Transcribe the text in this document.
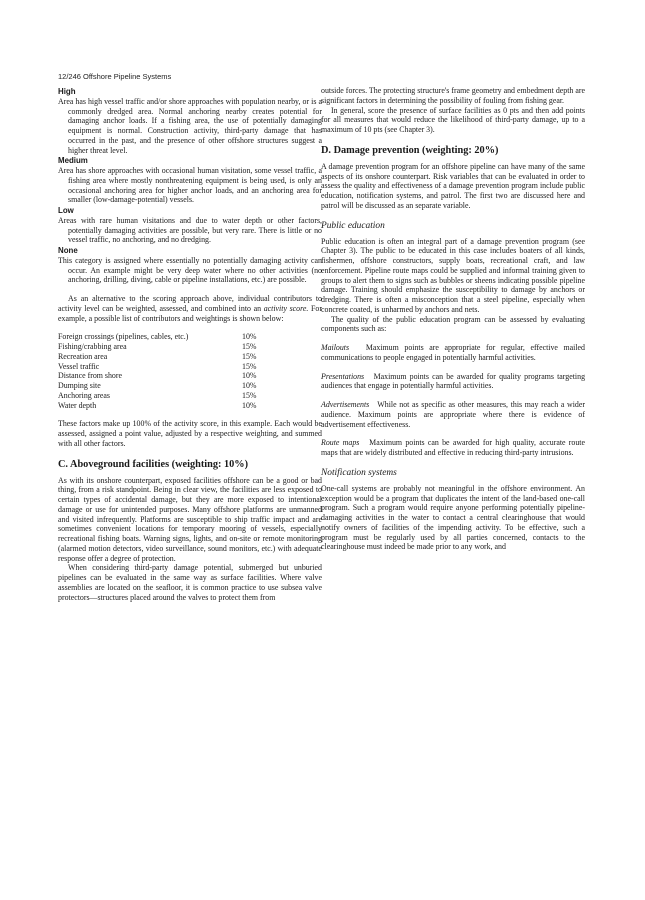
12/246 Offshore Pipeline Systems
High

Area has high vessel traffic and/or shore approaches with population nearby, or is a commonly dredged area. Normal anchoring nearby creates potential for damaging anchor loads. If a fishing area, the use of potentially damaging equipment is normal. Construction activity, third-party damage that has occurred in the past, and the presence of other offshore structures suggest a higher threat level.

Medium

Area has shore approaches with occasional human visitation, some vessel traffic, a fishing area where mostly nonthreatening equipment is being used, is only an occasional anchoring area for higher anchor loads, and an anchoring area for smaller (low-damage-potential) vessels.

Low

Areas with rare human visitations and due to water depth or other factors, potentially damaging activities are possible, but very rare. There is little or no vessel traffic, no anchoring, and no dredging.

None

This category is assigned where essentially no potentially damaging activity can occur. An example might be very deep water where no other activities (no anchoring, drilling, diving, cable or pipeline installations, etc.) are possible.

As an alternative to the scoring approach above, individual contributors to activity level can be weighted, assessed, and combined into an activity score. For example, a possible list of contributors and weightings is shown below:

Foreign crossings (pipelines, cables, etc.)	10%
Fishing/crabbing area	15%
Recreation area	15%
Vessel traffic	15%
Distance from shore	10%
Dumping site	10%
Anchoring areas	15%
Water depth	10%

These factors make up 100% of the activity score, in this example. Each would be assessed, assigned a point value, adjusted by a respective weighting, and summed with all other factors.

C. Aboveground facilities (weighting: 10%)

As with its onshore counterpart, exposed facilities offshore can be a good or bad thing, from a risk standpoint. Being in clear view, the facilities are less exposed to certain types of accidental damage, but they are more exposed to intentional damage or use for unintended purposes. Many offshore platforms are unmanned and visited infrequently. Platforms are susceptible to ship traffic impact and are sometimes convenient locations for temporary mooring of vessels, especially recreational fishing boats. Warning signs, lights, and on-site or remote monitoring (alarmed motion detectors, video surveillance, sound monitors, etc.) with adequate response offer a degree of protection.

When considering third-party damage potential, submerged but unburied pipelines can be evaluated in the same way as surface facilities. Where valve assemblies are located on the seafloor, it is common practice to use subsea valve protectors—structures placed around the valves to protect them from

outside forces. The protecting structure's frame geometry and embedment depth are significant factors in determining the possibility of fouling from fishing gear.

In general, score the presence of surface facilities as 0 pts and then add points for all measures that would reduce the likelihood of third-party damage, up to a maximum of 10 pts (see Chapter 3).

D. Damage prevention (weighting: 20%)

A damage prevention program for an offshore pipeline can have many of the same aspects of its onshore counterpart. Risk variables that can be evaluated in order to assess the quality and effectiveness of a damage prevention program include public education, notification systems, and patrol. The first two are discussed here and patrol will be discussed as an separate variable.

Public education

Public education is often an integral part of a damage prevention program (see Chapter 3). The public to be educated in this case includes boaters of all kinds, fishermen, offshore constructors, supply boats, recreational craft, and law enforcement. Pipeline route maps could be supplied and informal training given to groups to alert them to signs such as bubbles or sheens indicating possible pipeline damage. Training should emphasize the susceptibility to damage by anchors or dredging. There is often a misconception that a steel pipeline, especially when concrete coated, is unharmed by anchors and nets.

The quality of the public education program can be assessed by evaluating components such as:

Mailouts Maximum points are appropriate for regular, effective mailed communications to people engaged in potentially harmful activities.

Presentations Maximum points can be awarded for quality programs targeting audiences that engage in potentially harmful activities.

Advertisements While not as specific as other measures, this may reach a wider audience. Maximum points are appropriate where there is evidence of advertisement effectiveness.

Route maps Maximum points can be awarded for high quality, accurate route maps that are widely distributed and effective in reducing third-party intrusions.

Notification systems

One-call systems are probably not meaningful in the offshore environment. An exception would be a program that duplicates the intent of the land-based one-call program. Such a program would require anyone performing potentially pipeline-damaging activities in the water to contact a central clearinghouse that would notify owners of facilities of the impending activity. To be effective, such a program must be regularly used by all parties concerned, contacts to the clearinghouse must indeed be made prior to any work, and
